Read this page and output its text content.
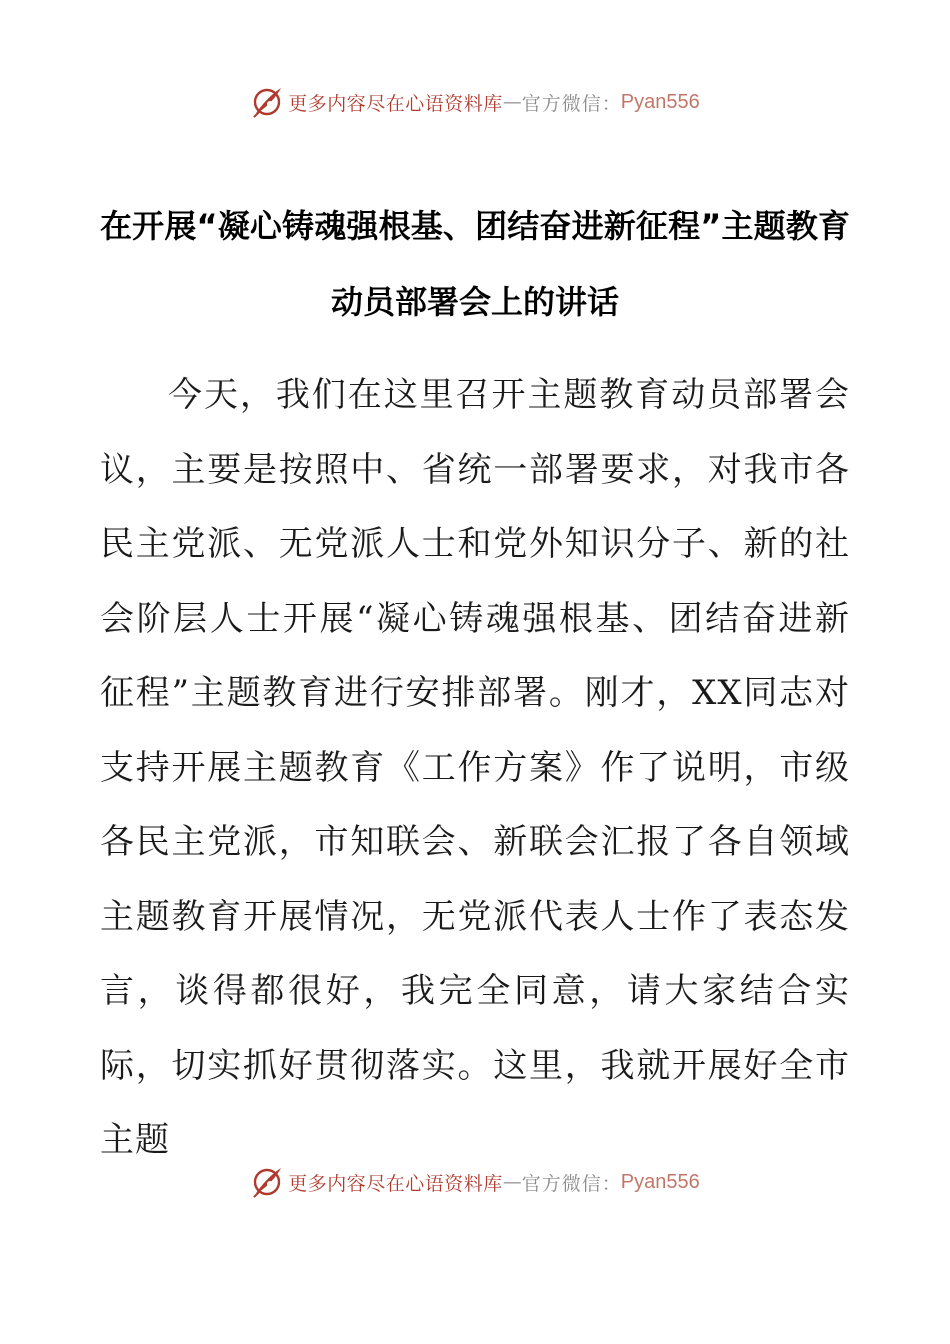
更多内容尽在心语资料库 — 官方微信 ： Pyan556
在开展“凝心铸魂强根基、团结奋进新征程”主题教育动员部署会上的讲话

今天，我们在这里召开主题教育动员部署会议，主要是按照中、省统一部署要求，对我市各民主党派、无党派人士和党外知识分子、新的社会阶层人士开展“凝心铸魂强根基、团结奋进新征程”主题教育进行安排部署。刚才，XX同志对支持开展主题教育《工作方案》作了说明，市级各民主党派，市知联会、新联会汇报了各自领域主题教育开展情况，无党派代表人士作了表态发言，谈得都很好，我完全同意，请大家结合实际，切实抓好贯彻落实。这里，我就开展好全市主题

更多内容尽在心语资料库 — 官方微信 ： Pyan556
